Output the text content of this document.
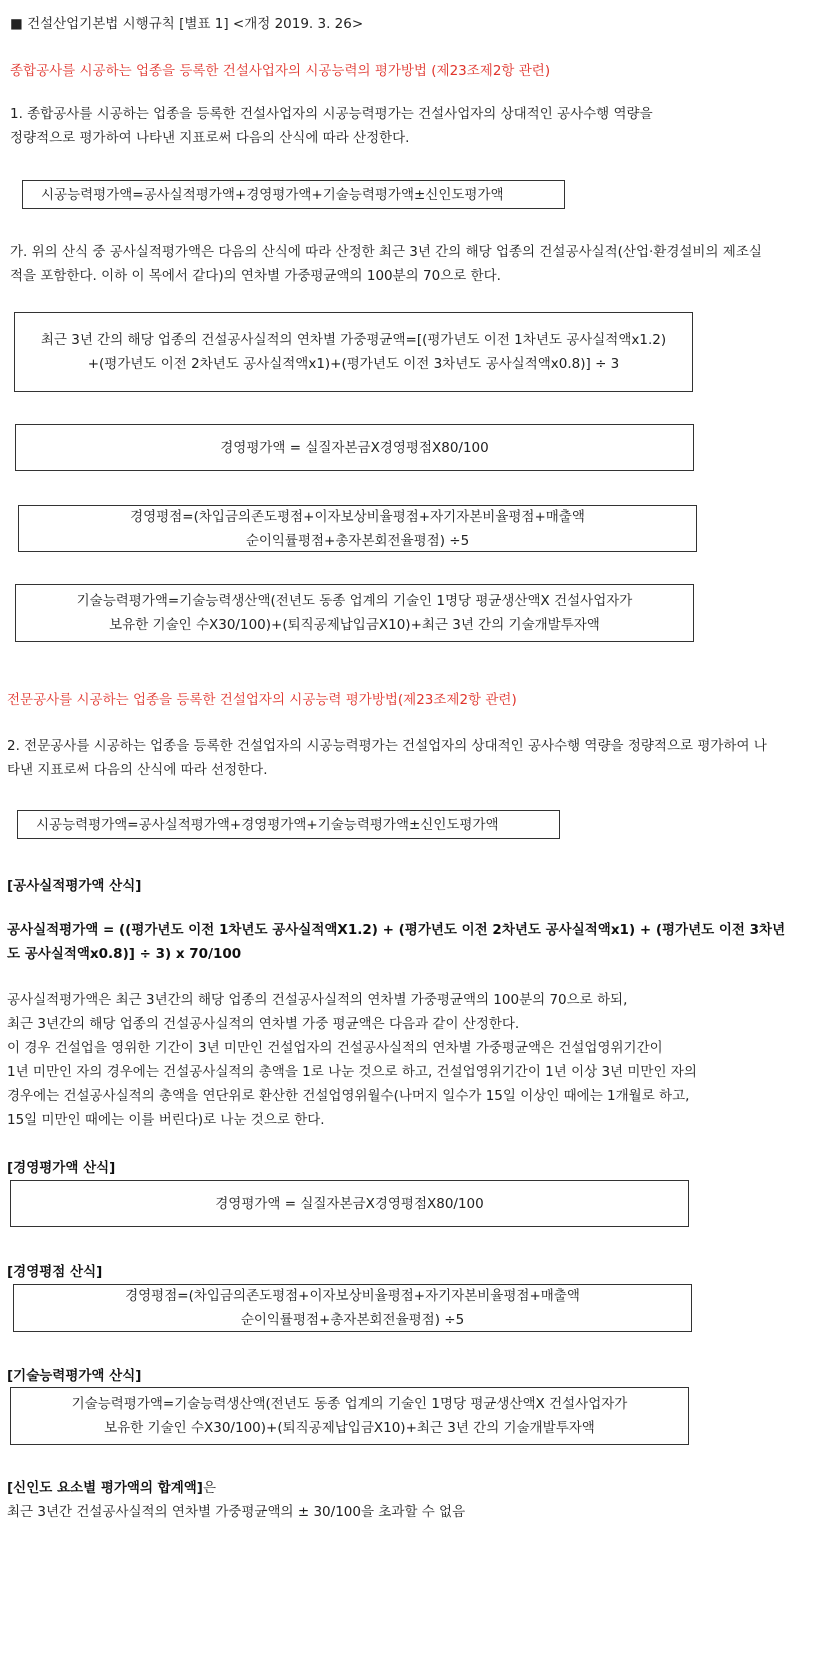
■ 건설산업기본법 시행규칙 [별표 1] <개정 2019. 3. 26>
종합공사를 시공하는 업종을 등록한 건설사업자의 시공능력의 평가방법 (제23조제2항 관련)
1. 종합공사를 시공하는 업종을 등록한 건설사업자의 시공능력평가는 건설사업자의 상대적인 공사수행 역량을
정량적으로 평가하여 나타낸 지표로써 다음의 산식에 따라 산정한다.
시공능력평가액=공사실적평가액+경영평가액+기술능력평가액±신인도평가액
가. 위의 산식 중 공사실적평가액은 다음의 산식에 따라 산정한 최근 3년 간의 해당 업종의 건설공사실적(산업·환경설비의 제조실
적을 포함한다. 이하 이 목에서 같다)의 연차별 가중평균액의 100분의 70으로 한다.
최근 3년 간의 해당 업종의 건설공사실적의 연차별 가중평균액=[(평가년도 이전 1차년도 공사실적액x1.2)
+(평가년도 이전 2차년도 공사실적액x1)+(평가년도 이전 3차년도 공사실적액x0.8)] ÷ 3
경영평가액 = 실질자본금X경영평점X80/100
경영평점=(차입금의존도평점+이자보상비율평점+자기자본비율평점+매출액
순이익률평점+총자본회전율평점) ÷5
기술능력평가액=기술능력생산액(전년도 동종 업계의 기술인 1명당 평균생산액X 건설사업자가
보유한 기술인 수X30/100)+(퇴직공제납입금X10)+최근 3년 간의 기술개발투자액
전문공사를 시공하는 업종을 등록한 건설업자의 시공능력 평가방법(제23조제2항 관련)
2. 전문공사를 시공하는 업종을 등록한 건설업자의 시공능력평가는 건설업자의 상대적인 공사수행 역량을 정량적으로 평가하여 나
타낸 지표로써 다음의 산식에 따라 선정한다.
시공능력평가액=공사실적평가액+경영평가액+기술능력평가액±신인도평가액
[공사실적평가액 산식]
공사실적평가액 = ((평가년도 이전 1차년도 공사실적액X1.2) + (평가년도 이전 2차년도 공사실적액x1) + (평가년도 이전 3차년
도 공사실적액x0.8)] ÷ 3) x 70/100
공사실적평가액은 최근 3년간의 해당 업종의 건설공사실적의 연차별 가중평균액의 100분의 70으로 하되,
최근 3년간의 해당 업종의 건설공사실적의 연차별 가중 평균액은 다음과 같이 산정한다.
이 경우 건설업을 영위한 기간이 3년 미만인 건설업자의 건설공사실적의 연차별 가중평균액은 건설업영위기간이
1년 미만인 자의 경우에는 건설공사실적의 총액을 1로 나눈 것으로 하고, 건설업영위기간이 1년 이상 3년 미만인 자의
경우에는 건설공사실적의 총액을 연단위로 환산한 건설업영위월수(나머지 일수가 15일 이상인 때에는 1개월로 하고,
15일 미만인 때에는 이를 버린다)로 나눈 것으로 한다.
[경영평가액 산식]
경영평가액 = 실질자본금X경영평점X80/100
[경영평점 산식]
경영평점=(차입금의존도평점+이자보상비율평점+자기자본비율평점+매출액
순이익률평점+총자본회전율평점) ÷5
[기술능력평가액 산식]
기술능력평가액=기술능력생산액(전년도 동종 업계의 기술인 1명당 평균생산액X 건설사업자가
보유한 기술인 수X30/100)+(퇴직공제납입금X10)+최근 3년 간의 기술개발투자액
[신인도 요소별 평가액의 합계액]은
최근 3년간 건설공사실적의 연차별 가중평균액의 ± 30/100을 초과할 수 없음
